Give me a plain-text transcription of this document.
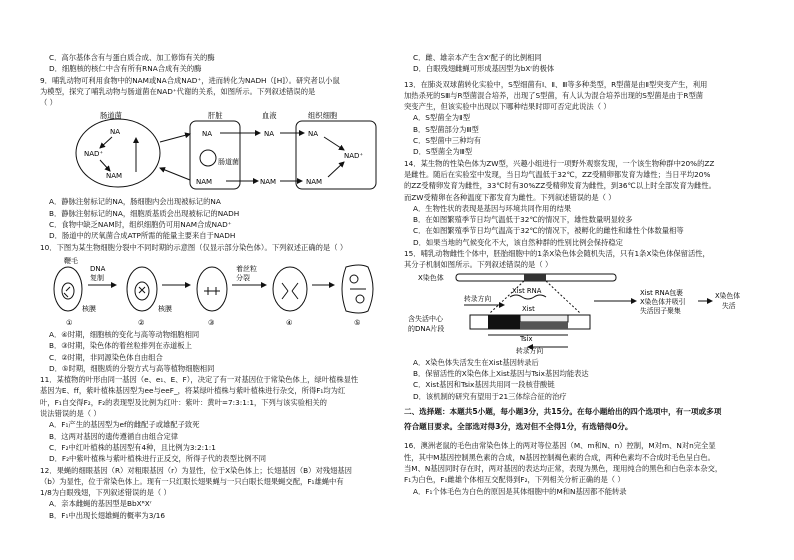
C．高尔基体含有与蛋白质合成、加工修饰有关的酶
D．细胞核的核仁中含有所有RNA合成有关的酶
9．哺乳动物可利用食物中的NAM或NA合成NAD⁺，进而转化为NADH（[H]）。研究者以小鼠
为模型，探究了哺乳动物与肠道菌在NAD⁺代谢的关系，如图所示。下列叙述错误的是
（ ）
肠道菌
NA
NAD⁺
NAM
肝脏
NA
肠道菌
NAM
血液
NA
NAM
组织细胞
NA
NAD⁺
NAM
A．静脉注射标记的NA，肠细胞内会出现被标记的NA
B．静脉注射标记的NA，细胞质基质会出现被标记的NADH
C．食物中缺乏NAM时，组织细胞仍可用NAM合成NAD⁺
D．肠道中的厌氧菌合成ATP所需的能量主要来自于NADH
10．下图为某生物细胞分裂中不同时期的示意图（仅显示部分染色体）。下列叙述正确的是（ ）
鞭毛
核膜
DNA
复制
核膜
着丝粒
分裂
①	②	③	④	⑤
A．④时期，细胞核的变化与高等动物细胞相同
B．③时期，染色体的着丝粒排列在赤道板上
C．②时期，非同源染色体自由组合
D．⑤时期，细胞质的分裂方式与高等植物细胞相同
11．某植物的叶形由同一基因（e、e₁、E、F），决定了有一对基因位于常染色体上，绿叶植株显性
基因为E、ff，紫叶植株基因型为ee与eeF_，将某绿叶植株与紫叶植株进行杂交，所得F₁均为红
叶，F₁自交得F₂，F₂的表现型及比例为红叶：紫叶：黄叶=7:3:1:1，下列与该实验相关的
说法错误的是（ ）
A．F₁产生的基因型为ef的雌配子或雄配子致死
B．这两对基因的遗传遵循自由组合定律
C．F₂中红叶植株的基因型有4种，且比例为3:2:1:1
D．F₂中紫叶植株与紫叶植株进行正反交，所得子代的表型比例不同
12．果蝇的细眼基因（R）对粗眼基因（r）为显性，位于X染色体上；长翅基因（B）对残翅基因
（b）为显性，位于常染色体上。现有一只红眼长翅果蝇与一只白眼长翅果蝇交配，F₁雄蝇中有
1/8为白眼残翅，下列叙述错误的是（ ）
A．亲本雌蝇的基因型是BbXᴿXʳ
B．F₁中出现长翅雄蝇的概率为3/16
C．雌、雄亲本产生含Xʳ配子的比例相同
D．白眼残翅雌蝇可形成基因型为bXʳ的极体
13．在肺炎双球菌转化实验中，S型细菌有Ⅰ、Ⅱ、Ⅲ等多种类型，R型菌是由Ⅱ型突变产生，利用
加热杀死的SⅢ与R型菌混合培养，出现了S型菌，有人认为混合培养出现的S型菌是由于R型菌
突变产生，但该实验中出现以下哪种结果时即可否定此说法（ ）
A．S型菌全为Ⅱ型
B．S型菌部分为Ⅲ型
C．S型菌中三种均有
D．S型菌全为Ⅲ型
14．某生物的性染色体为ZW型，兴趣小组进行一项野外观察发现，一个该生物种群中20%的ZZ
是雌性。随后在实验室中发现，当日均气温低于32℃，ZZ受精卵都发育为雄性；当日平均20%
的ZZ受精卵发育为雌性，33℃时有30%ZZ受精卵发育为雌性，到36℃以上时全部发育为雌性。
而ZW受精卵在各种温度下都发育为雌性。下列叙述错误的是（ ）
A．生物性状的表现是基因与环境共同作用的结果
B．在如图繁殖季节日均气温低于32℃的情况下，雄性数量明显较多
C．在如图繁殖季节日均气温高于32℃的情况下，被孵化的雌性和雄性个体数量相等
D．如果当地的气候变化不大，该自然种群的性别比例会保持稳定
15．哺乳动物雌性个体中，胚胎细胞中的1条X染色体会随机失活，只有1条X染色体保留活性，
其分子机制如图所示。下列叙述错误的是（ ）
X染色体
Xist RNA
转录方向
Xist
含失活中心
的DNA片段
Tsix
转录方向
Xist RNA包裹
X染色体并吸引
失活因子聚集
X染色体
失活
A．X染色体失活发生在Xist基因转录后
B．保留活性的X染色体上Xist基因与Tsix基因均能表达
C．Xist基因和Tsix基因共用同一段核苷酸链
D．该机制的研究有望用于21三体综合征的治疗
二、选择题：本题共5小题，每小题3分，共15分。在每小题给出的四个选项中，有一项或多项
符合题目要求。全部选对得3分，选对但不全得1分，有选错得0分。
16．澳洲老鼠的毛色由常染色体上的两对等位基因（M、m和N、n）控制，M对m、N对n完全显
性，其中M基因控制黑色素的合成，N基因控制褐色素的合成，两种色素均不合成时毛色呈白色。
当M、N基因同时存在时，两对基因的表达均正常，表现为黑色，现用纯合的黑色和白色亲本杂交，
F₁为白色，F₁雌雄个体相互交配得到F₂，下列相关分析正确的是（ ）
A．F₁个体毛色为白色的原因是其体细胞中的M和N基因都不能转录
